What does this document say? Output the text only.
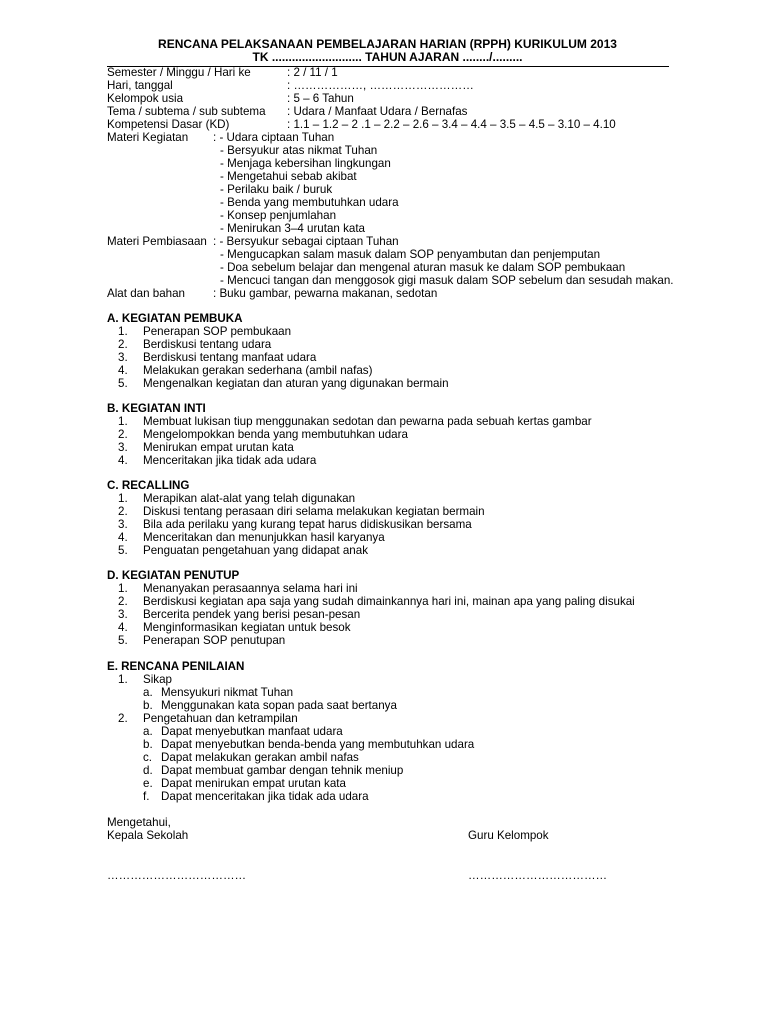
RENCANA PELAKSANAAN PEMBELAJARAN HARIAN (RPPH) KURIKULUM 2013
TK ........................... TAHUN AJARAN ......../.........
Semester / Minggu / Hari ke	: 2 / 11 / 1
Hari, tanggal	: ………………, ………………………
Kelompok usia	: 5 – 6 Tahun
Tema / subtema / sub subtema : Udara / Manfaat Udara / Bernafas
Kompetensi Dasar (KD)	: 1.1 – 1.2 – 2 .1 – 2.2 – 2.6 – 3.4 – 4.4 – 3.5 – 4.5 – 3.10 – 4.10
Materi Kegiatan : - Udara ciptaan Tuhan
- Bersyukur atas nikmat Tuhan
- Menjaga kebersihan lingkungan
- Mengetahui sebab akibat
- Perilaku baik / buruk
- Benda yang membutuhkan udara
- Konsep penjumlahan
- Menirukan 3–4 urutan kata
Materi Pembiasaan : - Bersyukur sebagai ciptaan Tuhan
- Mengucapkan salam masuk dalam SOP penyambutan dan penjemputan
- Doa sebelum belajar dan mengenal aturan masuk ke dalam SOP pembukaan
- Mencuci tangan dan menggosok gigi masuk dalam SOP sebelum dan sesudah makan.
Alat dan bahan : Buku gambar, pewarna makanan, sedotan
A. KEGIATAN PEMBUKA
1.	Penerapan SOP pembukaan
2.	Berdiskusi tentang udara
3.	Berdiskusi tentang manfaat udara
4.	Melakukan gerakan sederhana (ambil nafas)
5.	Mengenalkan kegiatan dan aturan yang digunakan bermain
B. KEGIATAN INTI
1.	Membuat lukisan tiup menggunakan sedotan dan pewarna pada sebuah kertas gambar
2.	Mengelompokkan benda yang membutuhkan udara
3.	Menirukan empat urutan kata
4.	Menceritakan jika tidak ada udara
C. RECALLING
1.	Merapikan alat-alat yang telah digunakan
2.	Diskusi tentang perasaan diri selama melakukan kegiatan bermain
3.	Bila ada perilaku yang kurang tepat harus didiskusikan bersama
4.	Menceritakan dan menunjukkan hasil karyanya
5.	Penguatan pengetahuan yang didapat anak
D. KEGIATAN PENUTUP
1.	Menanyakan perasaannya selama hari ini
2.	Berdiskusi kegiatan apa saja yang sudah dimainkannya hari ini, mainan apa yang paling disukai
3.	Bercerita pendek yang berisi pesan-pesan
4.	Menginformasikan kegiatan untuk besok
5.	Penerapan SOP penutupan
E. RENCANA PENILAIAN
1.	Sikap
a. Mensyukuri nikmat Tuhan
b. Menggunakan kata sopan pada saat bertanya
2.	Pengetahuan dan ketrampilan
a. Dapat menyebutkan manfaat udara
b. Dapat menyebutkan benda-benda yang membutuhkan udara
c. Dapat melakukan gerakan ambil nafas
d. Dapat membuat gambar dengan tehnik meniup
e. Dapat menirukan empat urutan kata
f. Dapat menceritakan jika tidak ada udara
Mengetahui,
Kepala Sekolah	Guru Kelompok
………………………………	………………………………
